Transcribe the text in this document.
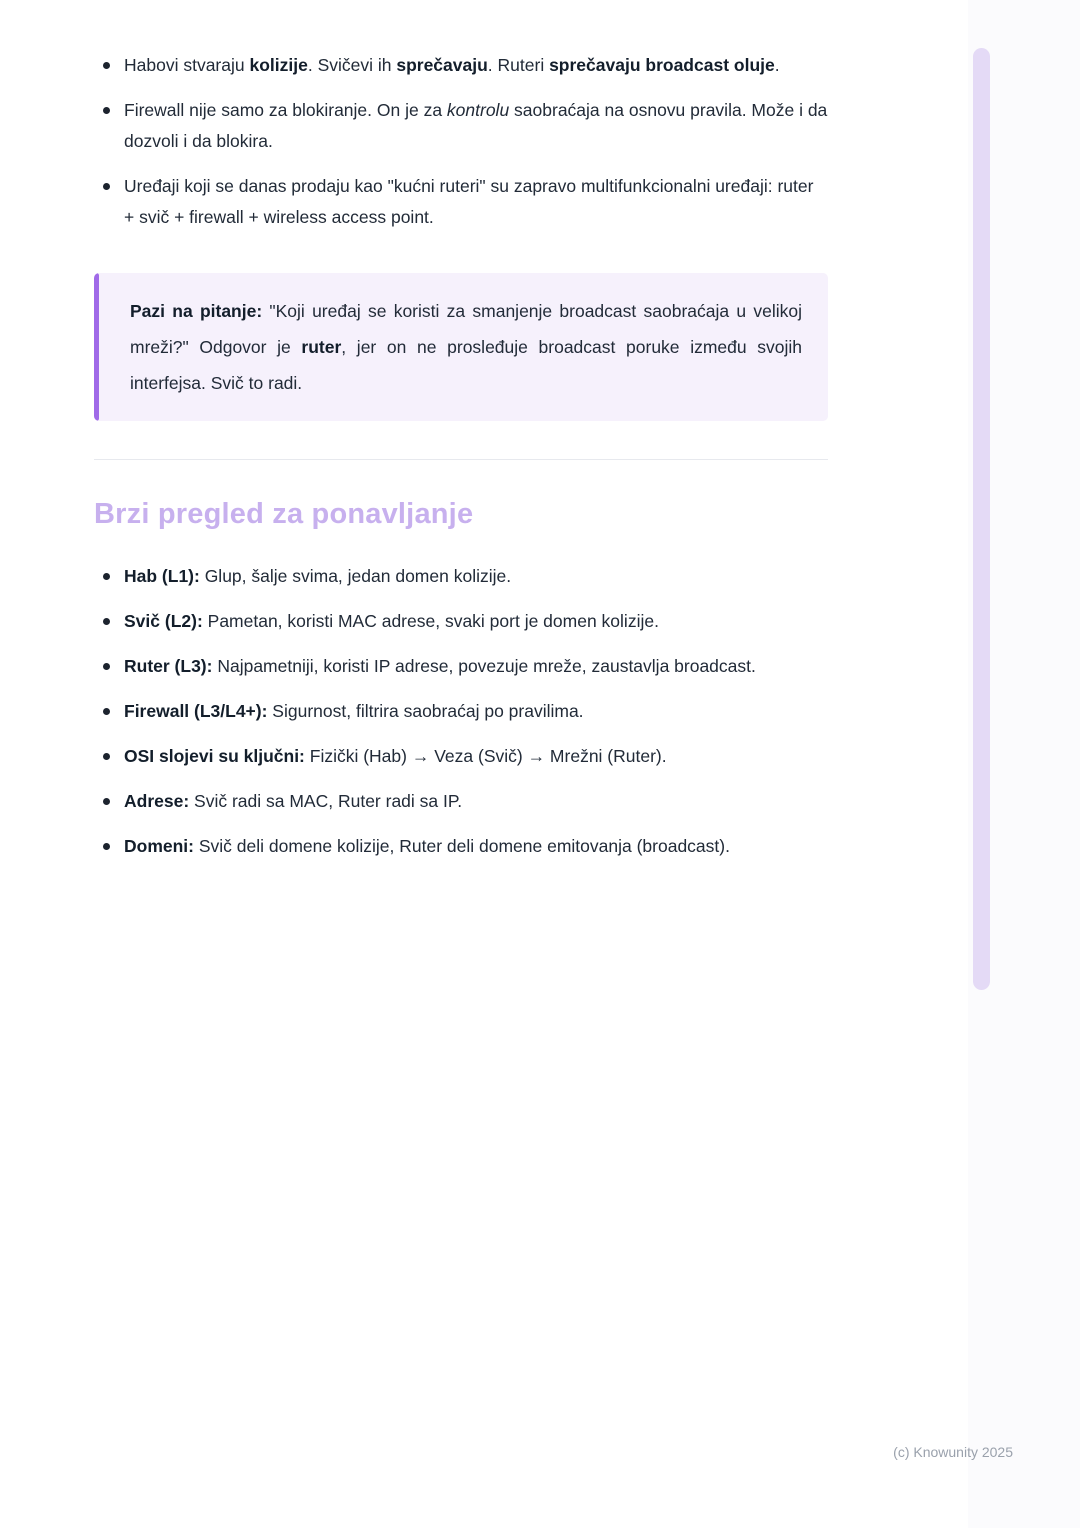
Habovi stvaraju kolizije. Svičevi ih sprečavaju. Ruteri sprečavaju broadcast oluje.
Firewall nije samo za blokiranje. On je za kontrolu saobraćaja na osnovu pravila. Može i da dozvoli i da blokira.
Uređaji koji se danas prodaju kao "kućni ruteri" su zapravo multifunkcionalni uređaji: ruter + svič + firewall + wireless access point.

Pazi na pitanje: "Koji uređaj se koristi za smanjenje broadcast saobraćaja u velikoj mreži?" Odgovor je ruter, jer on ne prosleđuje broadcast poruke između svojih interfejsa. Svič to radi.

Brzi pregled za ponavljanje
Hab (L1): Glup, šalje svima, jedan domen kolizije.
Svič (L2): Pametan, koristi MAC adrese, svaki port je domen kolizije.
Ruter (L3): Najpametniji, koristi IP adrese, povezuje mreže, zaustavlja broadcast.
Firewall (L3/L4+): Sigurnost, filtrira saobraćaj po pravilima.
OSI slojevi su ključni: Fizički (Hab) → Veza (Svič) → Mrežni (Ruter).
Adrese: Svič radi sa MAC, Ruter radi sa IP.
Domeni: Svič deli domene kolizije, Ruter deli domene emitovanja (broadcast).
(c) Knowunity 2025
